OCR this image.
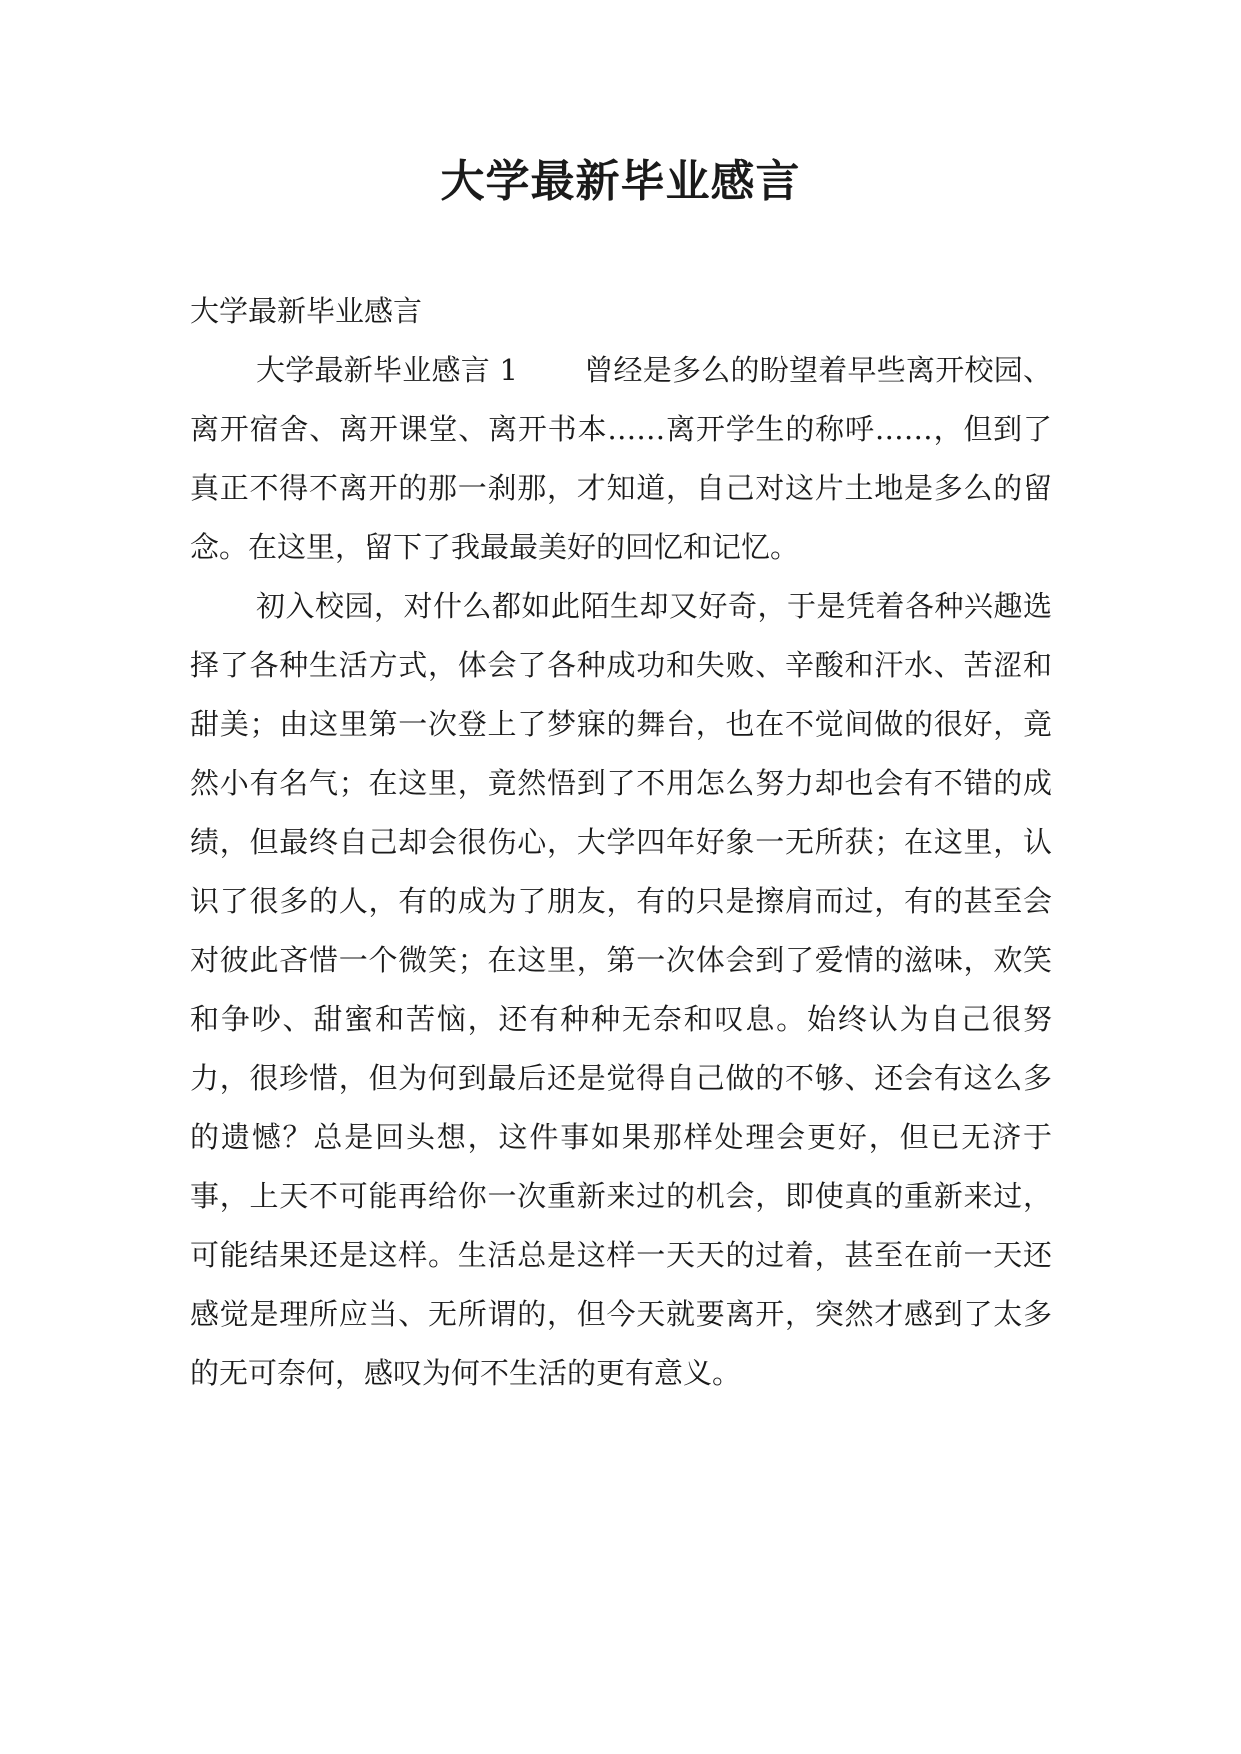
大学最新毕业感言

大学最新毕业感言

大学最新毕业感言 1 曾经是多么的盼望着早些离开校园、离开宿舍、离开课堂、离开书本……离开学生的称呼……，但到了真正不得不离开的那一刹那，才知道，自己对这片土地是多么的留念。在这里，留下了我最最美好的回忆和记忆。

初入校园，对什么都如此陌生却又好奇，于是凭着各种兴趣选择了各种生活方式，体会了各种成功和失败、辛酸和汗水、苦涩和甜美；由这里第一次登上了梦寐的舞台，也在不觉间做的很好，竟然小有名气；在这里，竟然悟到了不用怎么努力却也会有不错的成绩，但最终自己却会很伤心，大学四年好象一无所获；在这里，认识了很多的人，有的成为了朋友，有的只是擦肩而过，有的甚至会对彼此吝惜一个微笑；在这里，第一次体会到了爱情的滋味，欢笑和争吵、甜蜜和苦恼，还有种种无奈和叹息。始终认为自己很努力，很珍惜，但为何到最后还是觉得自己做的不够、还会有这么多的遗憾？总是回头想，这件事如果那样处理会更好，但已无济于事，上天不可能再给你一次重新来过的机会，即使真的重新来过，可能结果还是这样。生活总是这样一天天的过着，甚至在前一天还感觉是理所应当、无所谓的，但今天就要离开，突然才感到了太多的无可奈何，感叹为何不生活的更有意义。
